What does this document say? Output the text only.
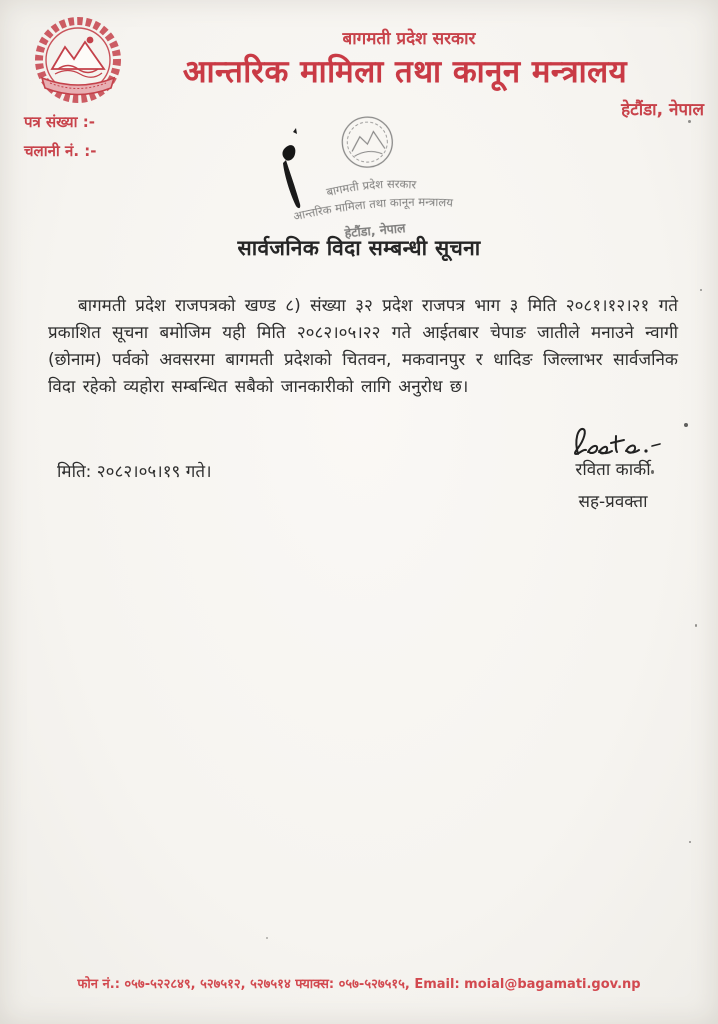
बागमती प्रदेश सरकार
आन्तरिक मामिला तथा कानून मन्त्रालय
हेटौंडा, नेपाल
पत्र संख्या :-
चलानी नं. :-
बागमती प्रदेश सरकार
आन्तरिक मामिला तथा कानून मन्त्रालय
हेटौंडा, नेपाल
सार्वजनिक विदा सम्बन्धी सूचना

बागमती प्रदेश राजपत्रको खण्ड ८) संख्या ३२ प्रदेश राजपत्र भाग ३ मिति २०८१।१२।२१ गते प्रकाशित सूचना बमोजिम यही मिति २०८२।०५।२२ गते आईतबार चेपाङ जातीले मनाउने न्वागी (छोनाम) पर्वको अवसरमा बागमती प्रदेशको चितवन, मकवानपुर र धादिङ जिल्लाभर सार्वजनिक विदा रहेको व्यहोरा सम्बन्धित सबैको जानकारीको लागि अनुरोध छ।

मिति: २०८२।०५।१९ गते।	रविता कार्की
सह-प्रवक्ता
फोन नं.: ०५७-५२२८४९, ५२७५१२, ५२७५१४ फ्याक्स: ०५७-५२७५१५, Email: moial@bagamati.gov.np
